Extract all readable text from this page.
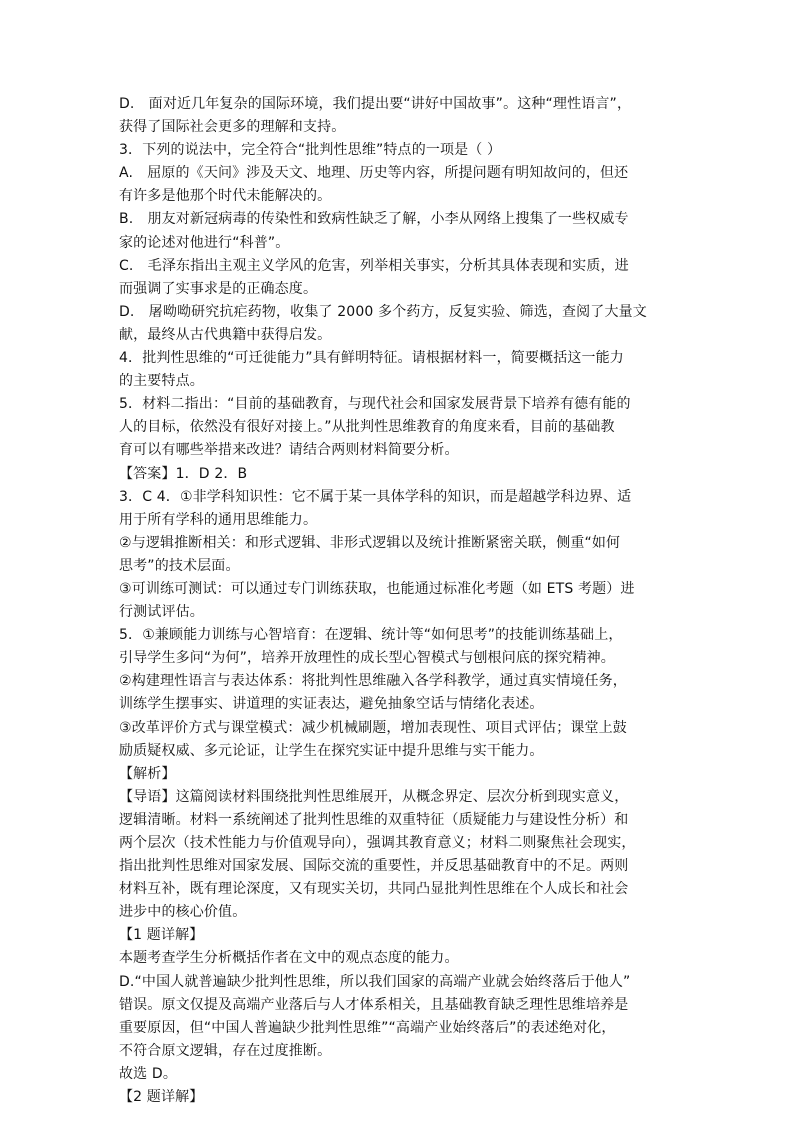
D.　面对近几年复杂的国际环境，我们提出要“讲好中国故事”。这种“理性语言”，
获得了国际社会更多的理解和支持。
3．下列的说法中，完全符合“批判性思维”特点的一项是（ ）
A.　屈原的《天问》涉及天文、地理、历史等内容，所提问题有明知故问的，但还
有许多是他那个时代未能解决的。
B.　朋友对新冠病毒的传染性和致病性缺乏了解，小李从网络上搜集了一些权威专
家的论述对他进行“科普”。
C.　毛泽东指出主观主义学风的危害，列举相关事实，分析其具体表现和实质，进
而强调了实事求是的正确态度。
D.　屠呦呦研究抗疟药物，收集了 2000 多个药方，反复实验、筛选，查阅了大量文
献，最终从古代典籍中获得启发。
4．批判性思维的“可迁徙能力”具有鲜明特征。请根据材料一，简要概括这一能力
的主要特点。
5．材料二指出：“目前的基础教育，与现代社会和国家发展背景下培养有德有能的
人的目标，依然没有很好对接上。”从批判性思维教育的角度来看，目前的基础教
育可以有哪些举措来改进？请结合两则材料简要分析。
【答案】1．D 2．B
3．C 4．①非学科知识性：它不属于某一具体学科的知识，而是超越学科边界、适
用于所有学科的通用思维能力。
②与逻辑推断相关：和形式逻辑、非形式逻辑以及统计推断紧密关联，侧重“如何
思考”的技术层面。
③可训练可测试：可以通过专门训练获取，也能通过标准化考题（如 ETS 考题）进
行测试评估。
5．①兼顾能力训练与心智培育：在逻辑、统计等“如何思考”的技能训练基础上，
引导学生多问“为何”，培养开放理性的成长型心智模式与刨根问底的探究精神。
②构建理性语言与表达体系：将批判性思维融入各学科教学，通过真实情境任务，
训练学生摆事实、讲道理的实证表达，避免抽象空话与情绪化表述。
③改革评价方式与课堂模式：减少机械刷题，增加表现性、项目式评估；课堂上鼓
励质疑权威、多元论证，让学生在探究实证中提升思维与实干能力。
【解析】
【导语】这篇阅读材料围绕批判性思维展开，从概念界定、层次分析到现实意义，
逻辑清晰。材料一系统阐述了批判性思维的双重特征（质疑能力与建设性分析）和
两个层次（技术性能力与价值观导向），强调其教育意义；材料二则聚焦社会现实，
指出批判性思维对国家发展、国际交流的重要性，并反思基础教育中的不足。两则
材料互补，既有理论深度，又有现实关切，共同凸显批判性思维在个人成长和社会
进步中的核心价值。
【1 题详解】
本题考查学生分析概括作者在文中的观点态度的能力。
D.“中国人就普遍缺少批判性思维，所以我们国家的高端产业就会始终落后于他人”
错误。原文仅提及高端产业落后与人才体系相关，且基础教育缺乏理性思维培养是
重要原因，但“中国人普遍缺少批判性思维”“高端产业始终落后”的表述绝对化，
不符合原文逻辑，存在过度推断。
故选 D。
【2 题详解】
